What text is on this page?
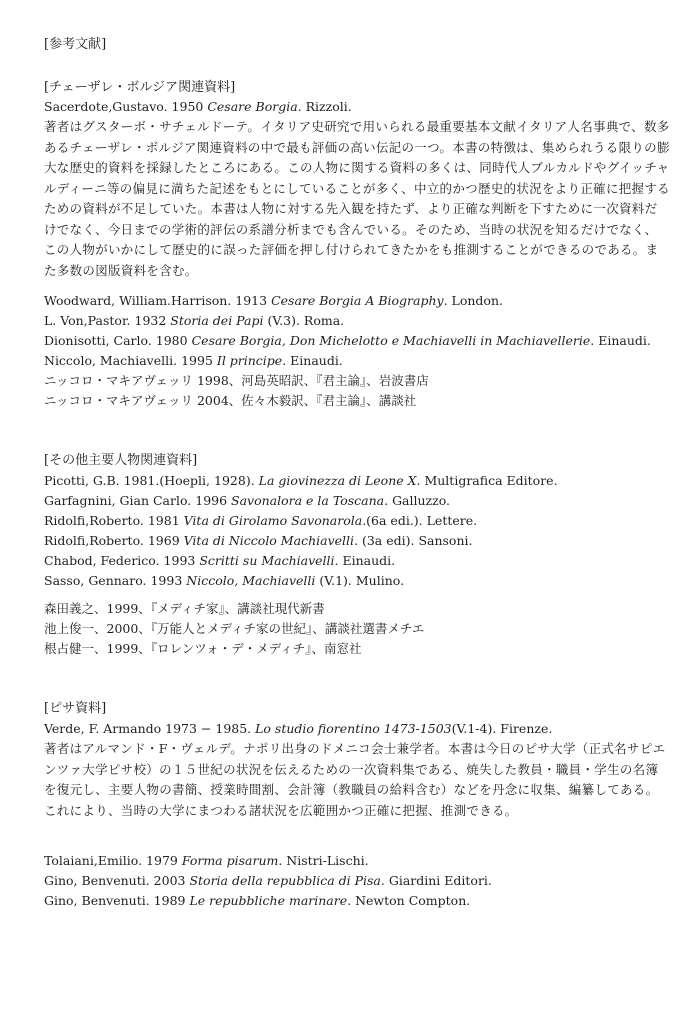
[参考文献]
[チェーザレ・ボルジア関連資料]
Sacerdote,Gustavo. 1950 Cesare Borgia. Rizzoli.
著者はグスターボ・サチェルドーテ。イタリア史研究で用いられる最重要基本文献イタリア人名事典で、数多あるチェーザレ・ボルジア関連資料の中で最も評価の高い伝記の一つ。本書の特徴は、集められうる限りの膨大な歴史的資料を採録したところにある。この人物に関する資料の多くは、同時代人ブルカルドやグイッチャルディーニ等の偏見に満ちた記述をもとにしていることが多く、中立的かつ歴史的状況をより正確に把握するための資料が不足していた。本書は人物に対する先入観を持たず、より正確な判断を下すために一次資料だけでなく、今日までの学術的評伝の系譜分析までも含んでいる。そのため、当時の状況を知るだけでなく、この人物がいかにして歴史的に誤った評価を押し付けられてきたかをも推測することができるのである。また多数の図版資料を含む。
Woodward, William.Harrison. 1913 Cesare Borgia A Biography. London.
L. Von,Pastor. 1932 Storia dei Papi (V.3). Roma.
Dionisotti, Carlo. 1980 Cesare Borgia, Don Michelotto e Machiavelli in Machiavellerie. Einaudi.
Niccolo, Machiavelli. 1995 Il principe. Einaudi.
ニッコロ・マキアヴェッリ 1998、河島英昭訳、『君主論』、岩波書店
ニッコロ・マキアヴェッリ 2004、佐々木毅訳、『君主論』、講談社
[その他主要人物関連資料]
Picotti, G.B. 1981.(Hoepli, 1928). La giovinezza di Leone X. Multigrafica Editore.
Garfagnini, Gian Carlo. 1996 Savonalora e la Toscana. Galluzzo.
Ridolfi,Roberto. 1981 Vita di Girolamo Savonarola.(6a edi.). Lettere.
Ridolfi,Roberto. 1969 Vita di Niccolo Machiavelli. (3a edi). Sansoni.
Chabod, Federico. 1993 Scritti su Machiavelli. Einaudi.
Sasso, Gennaro. 1993 Niccolo, Machiavelli (V.1). Mulino.
森田義之、1999、『メディチ家』、講談社現代新書
池上俊一、2000、『万能人とメディチ家の世紀』、講談社選書メチエ
根占健一、1999、『ロレンツォ・デ・メディチ』、南窓社
[ピサ資料]
Verde, F. Armando 1973 − 1985. Lo studio fiorentino 1473-1503(V.1-4). Firenze.
著者はアルマンド・F・ヴェルデ。ナポリ出身のドメニコ会士兼学者。本書は今日のピサ大学（正式名サピエンツァ大学ピサ校）の１５世紀の状況を伝えるための一次資料集である、焼失した教員・職員・学生の名簿を復元し、主要人物の書簡、授業時間割、会計簿（教職員の給料含む）などを丹念に収集、編纂してある。これにより、当時の大学にまつわる諸状況を広範囲かつ正確に把握、推測できる。
Tolaiani,Emilio. 1979 Forma pisarum. Nistri-Lischi.
Gino, Benvenuti. 2003 Storia della repubblica di Pisa. Giardini Editori.
Gino, Benvenuti. 1989 Le repubbliche marinare. Newton Compton.
